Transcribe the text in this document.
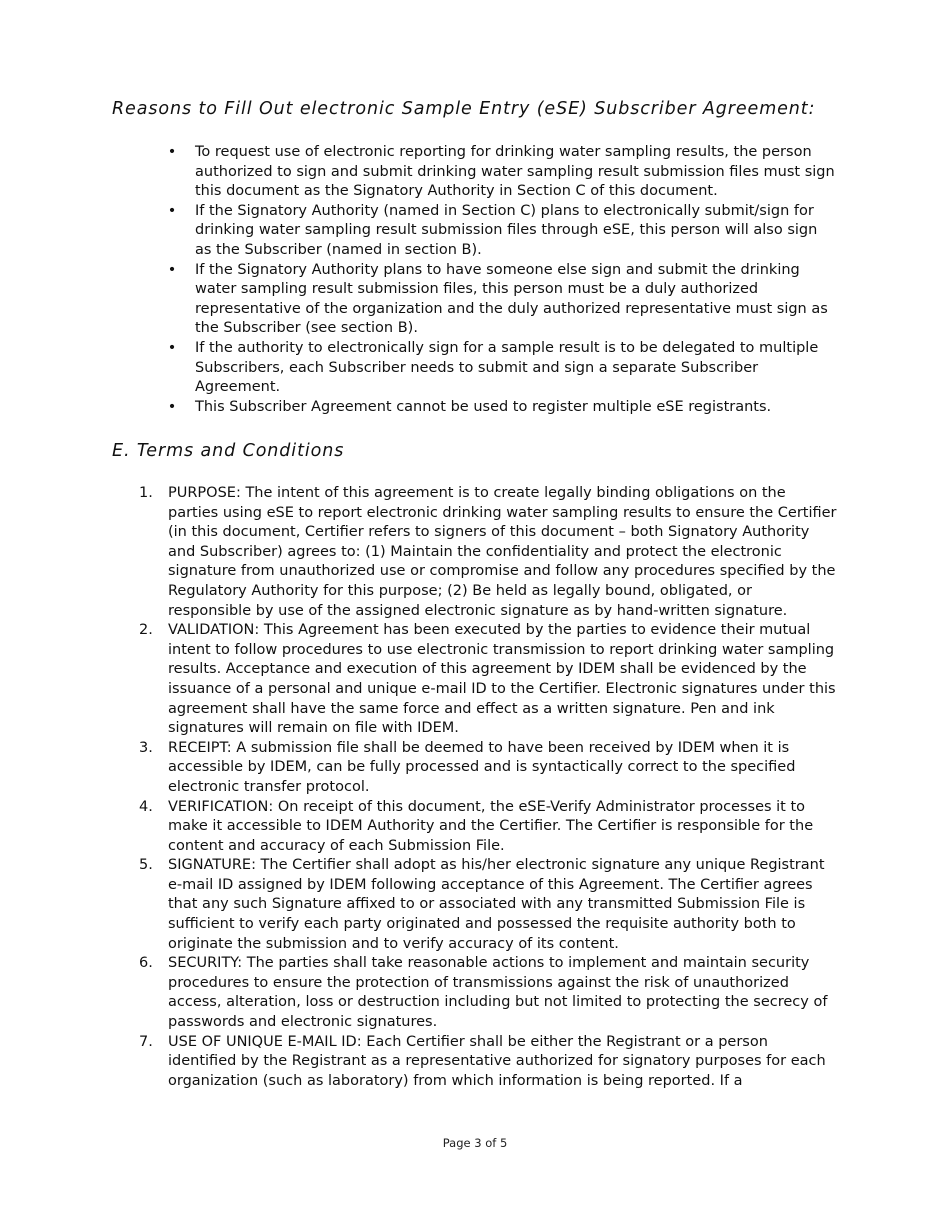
Reasons to Fill Out electronic Sample Entry (eSE) Subscriber Agreement:
• To request use of electronic reporting for drinking water sampling results, the person authorized to sign and submit drinking water sampling result submission files must sign this document as the Signatory Authority in Section C of this document.
• If the Signatory Authority (named in Section C) plans to electronically submit/sign for drinking water sampling result submission files through eSE, this person will also sign as the Subscriber (named in section B).
• If the Signatory Authority plans to have someone else sign and submit the drinking water sampling result submission files, this person must be a duly authorized representative of the organization and the duly authorized representative must sign as the Subscriber (see section B).
• If the authority to electronically sign for a sample result is to be delegated to multiple Subscribers, each Subscriber needs to submit and sign a separate Subscriber Agreement.
• This Subscriber Agreement cannot be used to register multiple eSE registrants.
E. Terms and Conditions
1.	PURPOSE: The intent of this agreement is to create legally binding obligations on the parties using eSE to report electronic drinking water sampling results to ensure the Certifier (in this document, Certifier refers to signers of this document – both Signatory Authority and Subscriber) agrees to: (1) Maintain the confidentiality and protect the electronic signature from unauthorized use or compromise and follow any procedures specified by the Regulatory Authority for this purpose; (2) Be held as legally bound, obligated, or responsible by use of the assigned electronic signature as by hand-written signature.
2.	VALIDATION: This Agreement has been executed by the parties to evidence their mutual intent to follow procedures to use electronic transmission to report drinking water sampling results. Acceptance and execution of this agreement by IDEM shall be evidenced by the issuance of a personal and unique e-mail ID to the Certifier. Electronic signatures under this agreement shall have the same force and effect as a written signature. Pen and ink signatures will remain on file with IDEM.
3.	RECEIPT: A submission file shall be deemed to have been received by IDEM when it is accessible by IDEM, can be fully processed and is syntactically correct to the specified electronic transfer protocol.
4.	VERIFICATION: On receipt of this document, the eSE-Verify Administrator processes it to make it accessible to IDEM Authority and the Certifier. The Certifier is responsible for the content and accuracy of each Submission File.
5.	SIGNATURE: The Certifier shall adopt as his/her electronic signature any unique Registrant e-mail ID assigned by IDEM following acceptance of this Agreement. The Certifier agrees that any such Signature affixed to or associated with any transmitted Submission File is sufficient to verify each party originated and possessed the requisite authority both to originate the submission and to verify accuracy of its content.
6.	SECURITY: The parties shall take reasonable actions to implement and maintain security procedures to ensure the protection of transmissions against the risk of unauthorized access, alteration, loss or destruction including but not limited to protecting the secrecy of passwords and electronic signatures.
7.	USE OF UNIQUE E-MAIL ID: Each Certifier shall be either the Registrant or a person identified by the Registrant as a representative authorized for signatory purposes for each organization (such as laboratory) from which information is being reported. If a
Page 3 of 5
